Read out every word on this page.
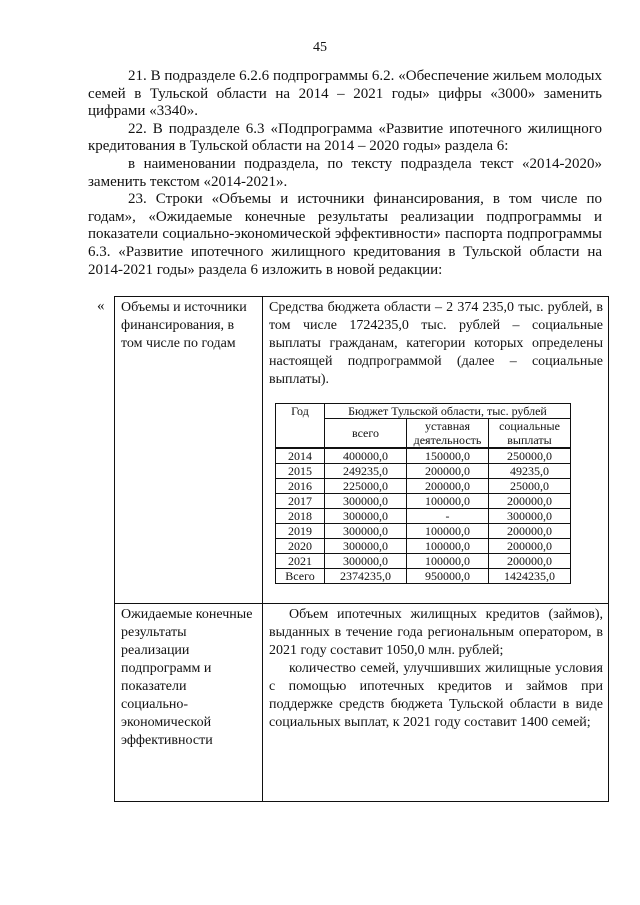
45

21. В подразделе 6.2.6 подпрограммы 6.2. «Обеспечение жильем молодых семей в Тульской области на 2014 – 2021 годы» цифры «3000» заменить цифрами «3340».

22. В подразделе 6.3 «Подпрограмма «Развитие ипотечного жилищного кредитования в Тульской области на 2014 – 2020 годы» раздела 6:

в наименовании подраздела, по тексту подраздела текст «2014-2020» заменить текстом «2014-2021».

23. Строки «Объемы и источники финансирования, в том числе по годам», «Ожидаемые конечные результаты реализации подпрограммы и показатели социально-экономической эффективности» паспорта подпрограммы 6.3. «Развитие ипотечного жилищного кредитования в Тульской области на 2014-2021 годы» раздела 6 изложить в новой редакции:

« Объемы и источники финансирования, в том числе по годам	

Средства бюджета области – 2 374 235,0 тыс. рублей, в том числе 1724235,0 тыс. рублей – социальные выплаты гражданам, категории которых определены настоящей подпрограммой (далее – социальные выплаты).

Год	Бюджет Тульской области, тыс. рублей
всего	уставная деятельность	социальные выплаты
2014	400000,0	150000,0	250000,0
2015	249235,0	200000,0	49235,0
2016	225000,0	200000,0	25000,0
2017	300000,0	100000,0	200000,0
2018	300000,0	-	300000,0
2019	300000,0	100000,0	200000,0
2020	300000,0	100000,0	200000,0
2021	300000,0	100000,0	200000,0
Всего	2374235,0	950000,0	1424235,0

Ожидаемые конечные результаты реализации подпрограмм и показатели социально-экономической эффективности	

Объем ипотечных жилищных кредитов (займов), выданных в течение года региональным оператором, в 2021 году составит 1050,0 млн. рублей;

количество семей, улучшивших жилищные условия с помощью ипотечных кредитов и займов при поддержке средств бюджета Тульской области в виде социальных выплат, к 2021 году составит 1400 семей;
